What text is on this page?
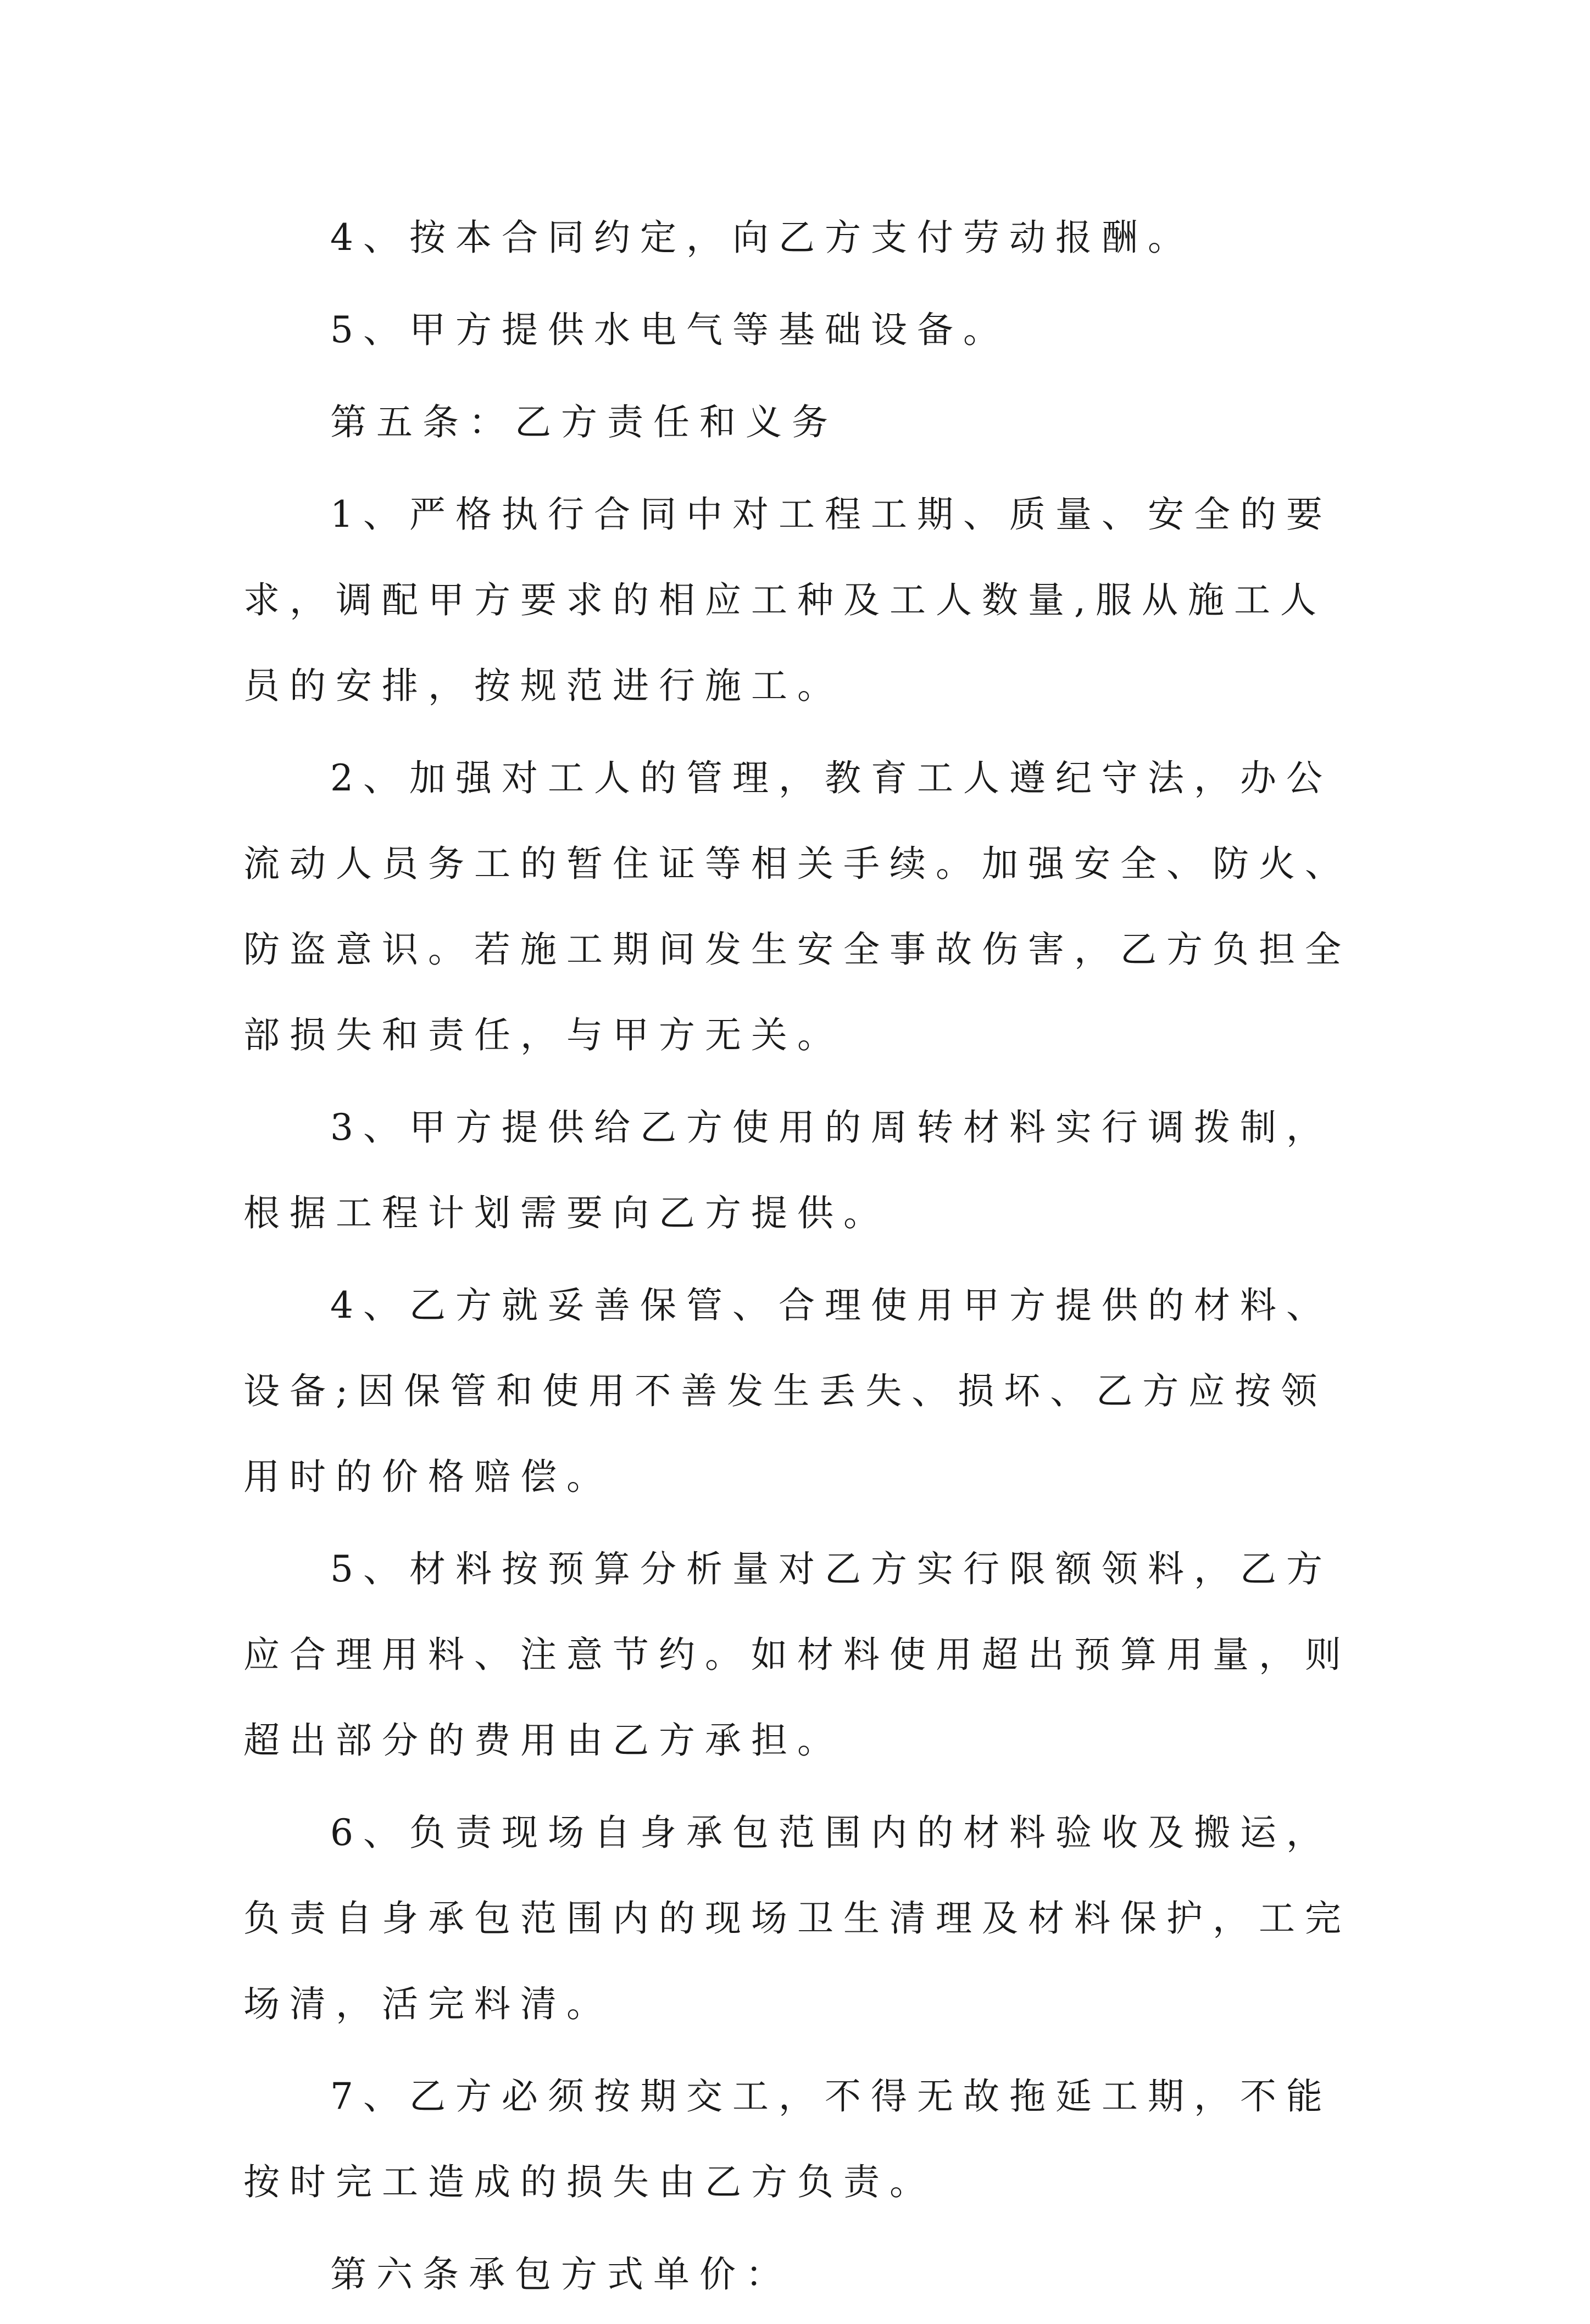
4、按本合同约定，向乙方支付劳动报酬。

5、甲方提供水电气等基础设备。

第五条：乙方责任和义务

1、严格执行合同中对工程工期、质量、安全的要求，调配甲方要求的相应工种及工人数量,服从施工人员的安排，按规范进行施工。

2、加强对工人的管理，教育工人遵纪守法，办公流动人员务工的暂住证等相关手续。加强安全、防火、防盗意识。若施工期间发生安全事故伤害，乙方负担全部损失和责任，与甲方无关。

3、甲方提供给乙方使用的周转材料实行调拨制，根据工程计划需要向乙方提供。

4、乙方就妥善保管、合理使用甲方提供的材料、设备;因保管和使用不善发生丢失、损坏、乙方应按领用时的价格赔偿。

5、材料按预算分析量对乙方实行限额领料，乙方应合理用料、注意节约。如材料使用超出预算用量，则超出部分的费用由乙方承担。

6、负责现场自身承包范围内的材料验收及搬运，负责自身承包范围内的现场卫生清理及材料保护，工完场清，活完料清。

7、乙方必须按期交工，不得无故拖延工期，不能按时完工造成的损失由乙方负责。

第六条承包方式单价：
